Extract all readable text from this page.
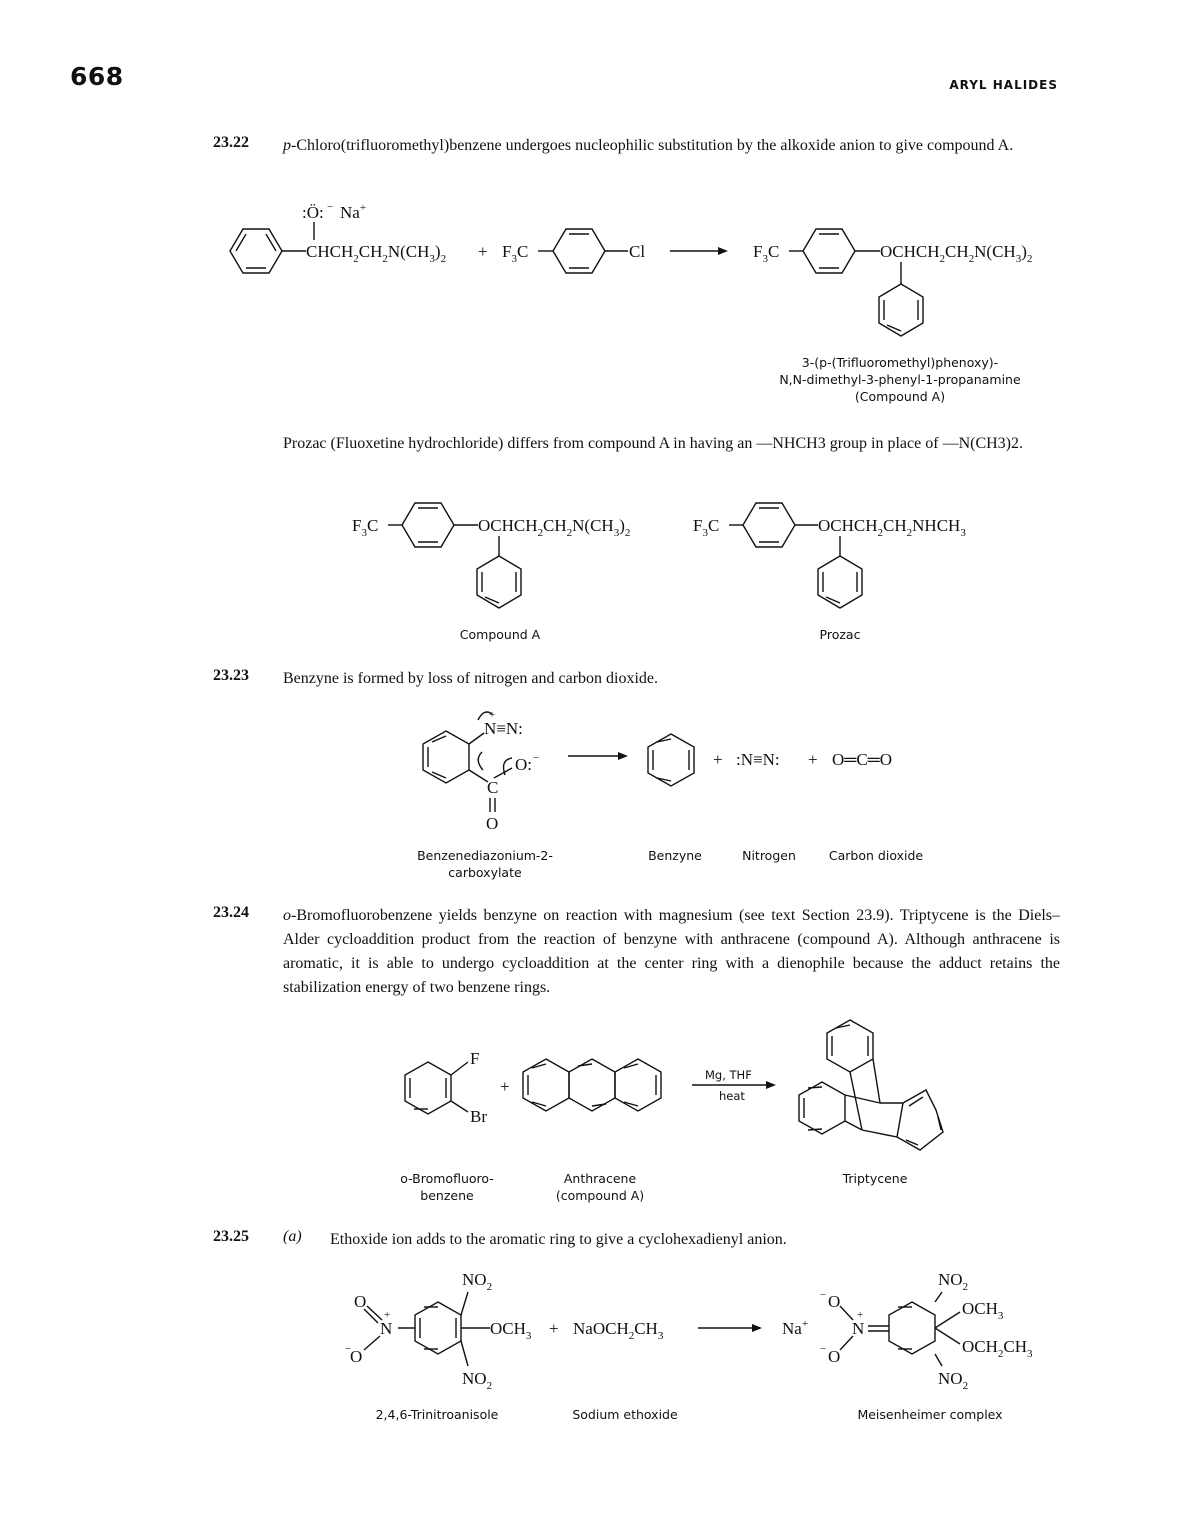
668	ARYL HALIDES
23.22 p-Chloro(trifluoromethyl)benzene undergoes nucleophilic substitution by the alkoxide anion to give compound A.
3-(p-(Trifluoromethyl)phenoxy)-
N,N-dimethyl-3-phenyl-1-propanamine
(Compound A)
Prozac (Fluoxetine hydrochloride) differs from compound A in having an —NHCH3 group in place of —N(CH3)2.
Compound A	Prozac
23.23 Benzyne is formed by loss of nitrogen and carbon dioxide.
Benzenediazonium-2-
carboxylate
Benzyne	Nitrogen	Carbon dioxide
23.24 o-Bromofluorobenzene yields benzyne on reaction with magnesium (see text Section 23.9). Triptycene is the Diels–Alder cycloaddition product from the reaction of benzyne with anthracene (compound A). Although anthracene is aromatic, it is able to undergo cycloaddition at the center ring with a dienophile because the adduct retains the stabilization energy of two benzene rings.
o-Bromofluoro-
benzene
Anthracene
(compound A)
Triptycene
23.25 (a) Ethoxide ion adds to the aromatic ring to give a cyclohexadienyl anion.
2,4,6-Trinitroanisole	Sodium ethoxide	Meisenheimer complex
:Ö: − Na+
$CHCH_2CH_2N(CH_3)_2 + F_3C$	Cl	$F_3C$	$OCHCH_2CH_2N(CH_3)_2$
$F_3C$	$OCHCH_2CH_2N(CH_3)_2$	$F_3C$	$OCHCH_2CH_2NHCH_3$
N≡N:
+
C
O: −
O
+ :N≡N: + O═C═O
F
Br
+
Mg, THF
heat
$NO_2$
$NO_2$
$OCH_3$
N
+
O
O
−
+ $NaOCH_2CH_3$	Na+	N
+
O
−
O
−
$NO_2$
$NO_2$
$OCH_3$
$OCH_2CH_3$
